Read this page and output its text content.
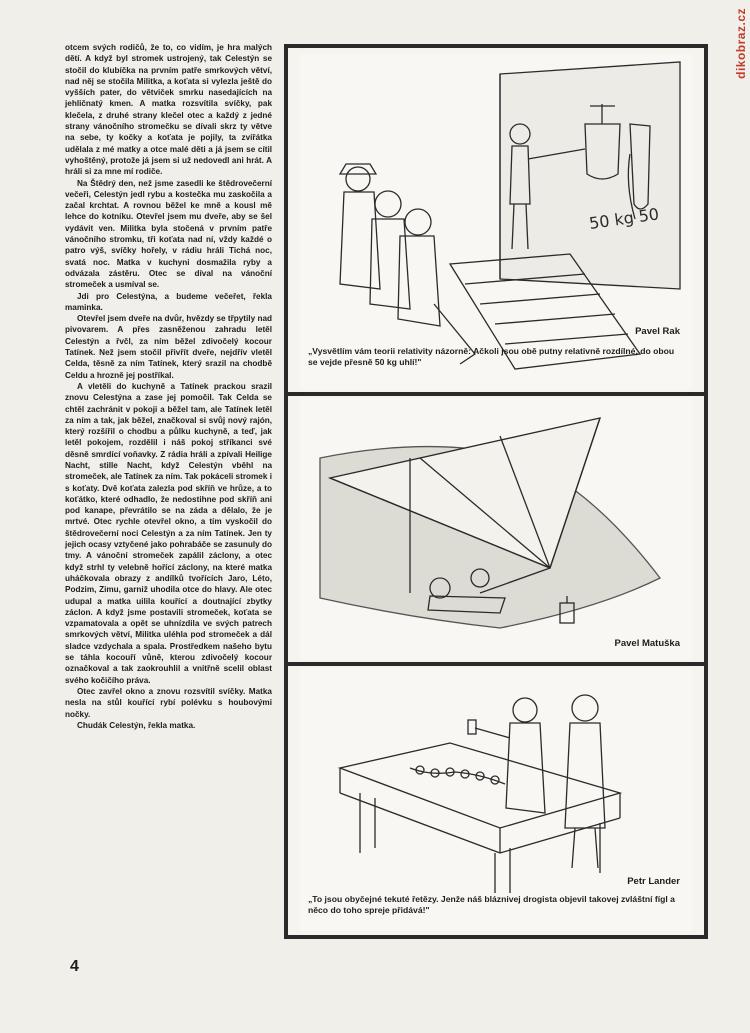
dikobraz.cz

otcem svých rodičů, že to, co vidím, je hra malých dětí. A když byl stromek ustrojený, tak Celestýn se stočil do klubíčka na prvním patře smrkových větví, nad něj se stočila Militka, a koťata si vylezla ještě do vyšších pater, do větviček smrku nasedajících na jehličnatý kmen. A matka rozsvítila svíčky, pak klečela, z druhé strany klečel otec a každý z jedné strany vánočního stromečku se dívali skrz ty větve na sebe, ty kočky a koťata je pojily, ta zvířátka udělala z mé matky a otce malé děti a já jsem se cítil vyhoštěný, protože já jsem si už nedovedl ani hrát. A hráli si za mne mí rodiče.

Na Štědrý den, než jsme zasedli ke štědrovečerní večeři, Celestýn jedl rybu a kostečka mu zaskočila a začal krchtat. A rovnou běžel ke mně a kousl mě lehce do kotníku. Otevřel jsem mu dveře, aby se šel vydávit ven. Militka byla stočená v prvním patře vánočního stromku, tři koťata nad ní, vždy každé o patro výš, svíčky hořely, v rádiu hráli Tichá noc, svatá noc. Matka v kuchyni dosmažila ryby a odvázala zástěru. Otec se díval na vánoční stromeček a usmíval se.

Jdi pro Celestýna, a budeme večeřet, řekla maminka.

Otevřel jsem dveře na dvůr, hvězdy se třpytily nad pivovarem. A přes zasněženou zahradu letěl Celestýn a řvčl, za ním běžel zdivočelý kocour Tatínek. Než jsem stočil přivřít dveře, nejdřív vletěl Celda, těsně za ním Tatínek, který srazil na chodbě Celdu a hrozně jej postříkal.

A vletěli do kuchyně a Tatínek prackou srazil znovu Celestýna a zase jej pomočil. Tak Celda se chtěl zachránit v pokoji a běžel tam, ale Tatínek letěl za ním a tak, jak běžel, značkoval si svůj nový rajón, který rozšířil o chodbu a půlku kuchyně, a teď, jak letěl pokojem, rozdělil i náš pokoj stříkanci své děsně smrdící voňavky. Z rádia hráli a zpívali Heilige Nacht, stille Nacht, když Celestýn vběhl na stromeček, ale Tatínek za ním. Tak pokáceli stromek i s koťaty. Dvě koťata zalezla pod skříň ve hrůze, a to koťátko, které odhadlo, že nedostihne pod skříň ani pod kanape, převrátilo se na záda a dělalo, že je mrtvé. Otec rychle otevřel okno, a tím vyskočil do štědrovečerní noci Celestýn a za ním Tatínek. Jen ty jejich ocasy vztyčené jako pohrabáče se zasunuly do tmy. A vánoční stromeček zapálil záclony, a otec když strhl ty velebně hořící záclony, na které matka uháčkovala obrazy z andílků tvořících Jaro, Léto, Podzim, Zimu, garniž uhodila otce do hlavy. Ale otec udupal a matka uilila kouřící a doutnající zbytky záclon. A když jsme postavili stromeček, koťata se vzpamatovala a opět se uhnízdila ve svých patrech smrkových větví, Militka uléhla pod stromeček a dál sladce vzdychala a spala. Prostředkem našeho bytu se táhla kocouří vůně, kterou zdivočelý kocour označkoval a tak zaokrouhlil a vnitřně scelil oblast svého kočičího práva.

Otec zavřel okno a znovu rozsvítil svíčky. Matka nesla na stůl kouřící rybí polévku s houbovými nočky.

Chudák Celestýn, řekla matka.

4
50 kg 50
Pavel Rak
„Vysvětlím vám teorii relativity názorně: Ačkoli jsou obě putny relativně rozdílné, do obou se vejde přesně 50 kg uhlí!"
Pavel Matuška
Petr Lander
„To jsou obyčejné tekuté řetězy. Jenže náš bláznivej drogista objevil takovej zvláštní fígl a něco do toho spreje přidává!"
